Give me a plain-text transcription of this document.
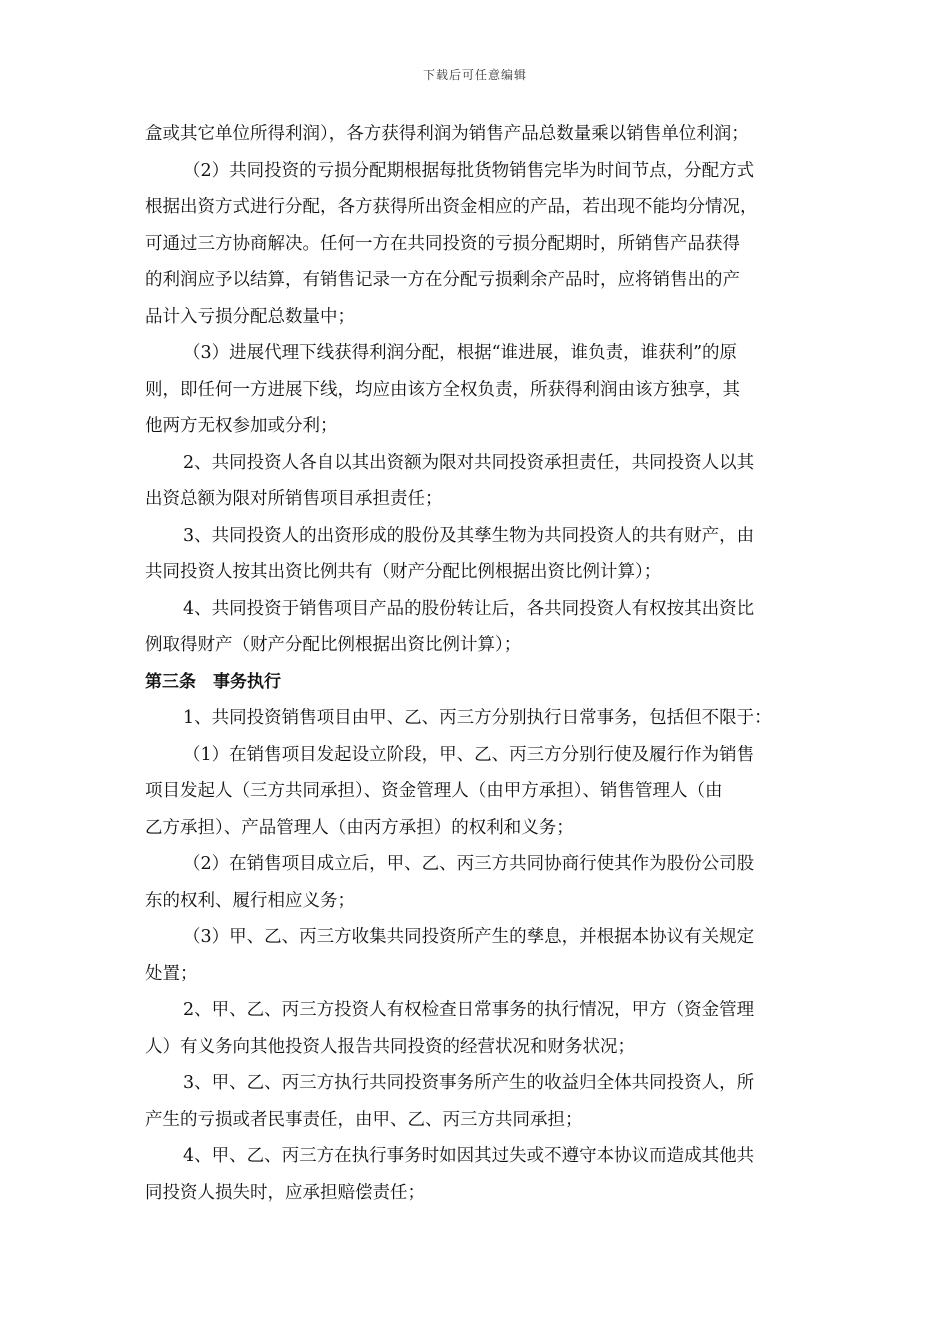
下载后可任意编辑
盒或其它单位所得利润），各方获得利润为销售产品总数量乘以销售单位利润；
（2）共同投资的亏损分配期根据每批货物销售完毕为时间节点，分配方式
根据出资方式进行分配，各方获得所出资金相应的产品，若出现不能均分情况，
可通过三方协商解决。任何一方在共同投资的亏损分配期时，所销售产品获得
的利润应予以结算，有销售记录一方在分配亏损剩余产品时，应将销售出的产
品计入亏损分配总数量中；
（3）进展代理下线获得利润分配，根据“谁进展，谁负责，谁获利”的原
则，即任何一方进展下线，均应由该方全权负责，所获得利润由该方独享，其
他两方无权参加或分利；
2、共同投资人各自以其出资额为限对共同投资承担责任，共同投资人以其
出资总额为限对所销售项目承担责任；
3、共同投资人的出资形成的股份及其孳生物为共同投资人的共有财产，由
共同投资人按其出资比例共有（财产分配比例根据出资比例计算）；
4、共同投资于销售项目产品的股份转让后，各共同投资人有权按其出资比
例取得财产（财产分配比例根据出资比例计算）；
第三条　事务执行
1、共同投资销售项目由甲、乙、丙三方分别执行日常事务，包括但不限于：
（1）在销售项目发起设立阶段，甲、乙、丙三方分别行使及履行作为销售
项目发起人（三方共同承担）、资金管理人（由甲方承担）、销售管理人（由
乙方承担）、产品管理人（由丙方承担）的权利和义务；
（2）在销售项目成立后，甲、乙、丙三方共同协商行使其作为股份公司股
东的权利、履行相应义务；
（3）甲、乙、丙三方收集共同投资所产生的孳息，并根据本协议有关规定
处置；
2、甲、乙、丙三方投资人有权检查日常事务的执行情况，甲方（资金管理
人）有义务向其他投资人报告共同投资的经营状况和财务状况；
3、甲、乙、丙三方执行共同投资事务所产生的收益归全体共同投资人，所
产生的亏损或者民事责任，由甲、乙、丙三方共同承担；
4、甲、乙、丙三方在执行事务时如因其过失或不遵守本协议而造成其他共
同投资人损失时，应承担赔偿责任；
